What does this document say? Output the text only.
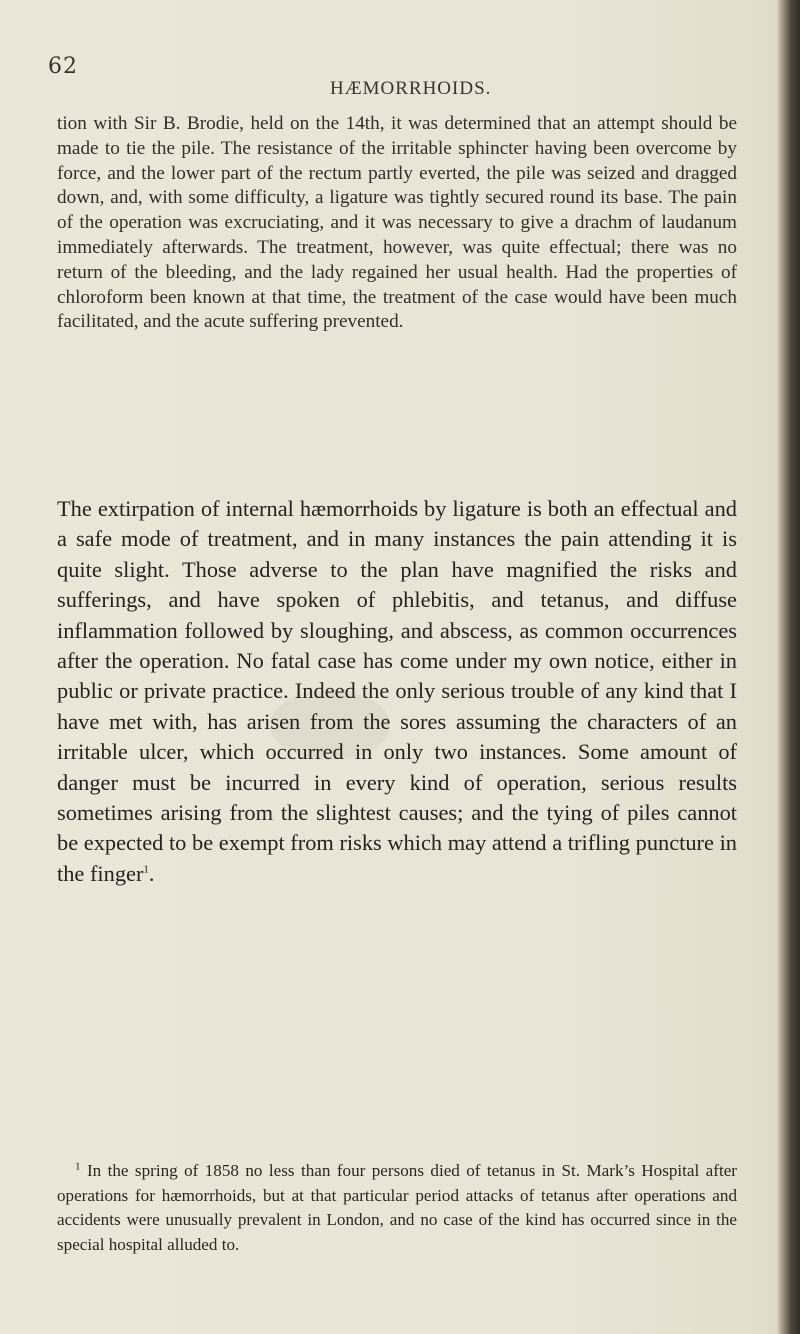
62
HÆMORRHOIDS.

tion with Sir B. Brodie, held on the 14th, it was determined that an attempt should be made to tie the pile. The resistance of the irritable sphincter having been overcome by force, and the lower part of the rectum partly everted, the pile was seized and dragged down, and, with some difficulty, a ligature was tightly secured round its base. The pain of the operation was excruciating, and it was necessary to give a drachm of laudanum immediately afterwards. The treatment, however, was quite effectual; there was no return of the bleeding, and the lady regained her usual health. Had the properties of chloroform been known at that time, the treatment of the case would have been much facilitated, and the acute suffering prevented.

The extirpation of internal hæmorrhoids by ligature is both an effectual and a safe mode of treatment, and in many instances the pain attending it is quite slight. Those adverse to the plan have magnified the risks and sufferings, and have spoken of phlebitis, and tetanus, and diffuse inflammation followed by sloughing, and abscess, as common occurrences after the operation. No fatal case has come under my own notice, either in public or private practice. Indeed the only serious trouble of any kind that I have met with, has arisen from the sores assuming the characters of an irritable ulcer, which occurred in only two instances. Some amount of danger must be incurred in every kind of operation, serious results sometimes arising from the slightest causes; and the tying of piles cannot be expected to be exempt from risks which may attend a trifling puncture in the finger$^1$.

$^1$ In the spring of 1858 no less than four persons died of tetanus in St. Mark’s Hospital after operations for hæmorrhoids, but at that particular period attacks of tetanus after operations and accidents were unusually prevalent in London, and no case of the kind has occurred since in the special hospital alluded to.
